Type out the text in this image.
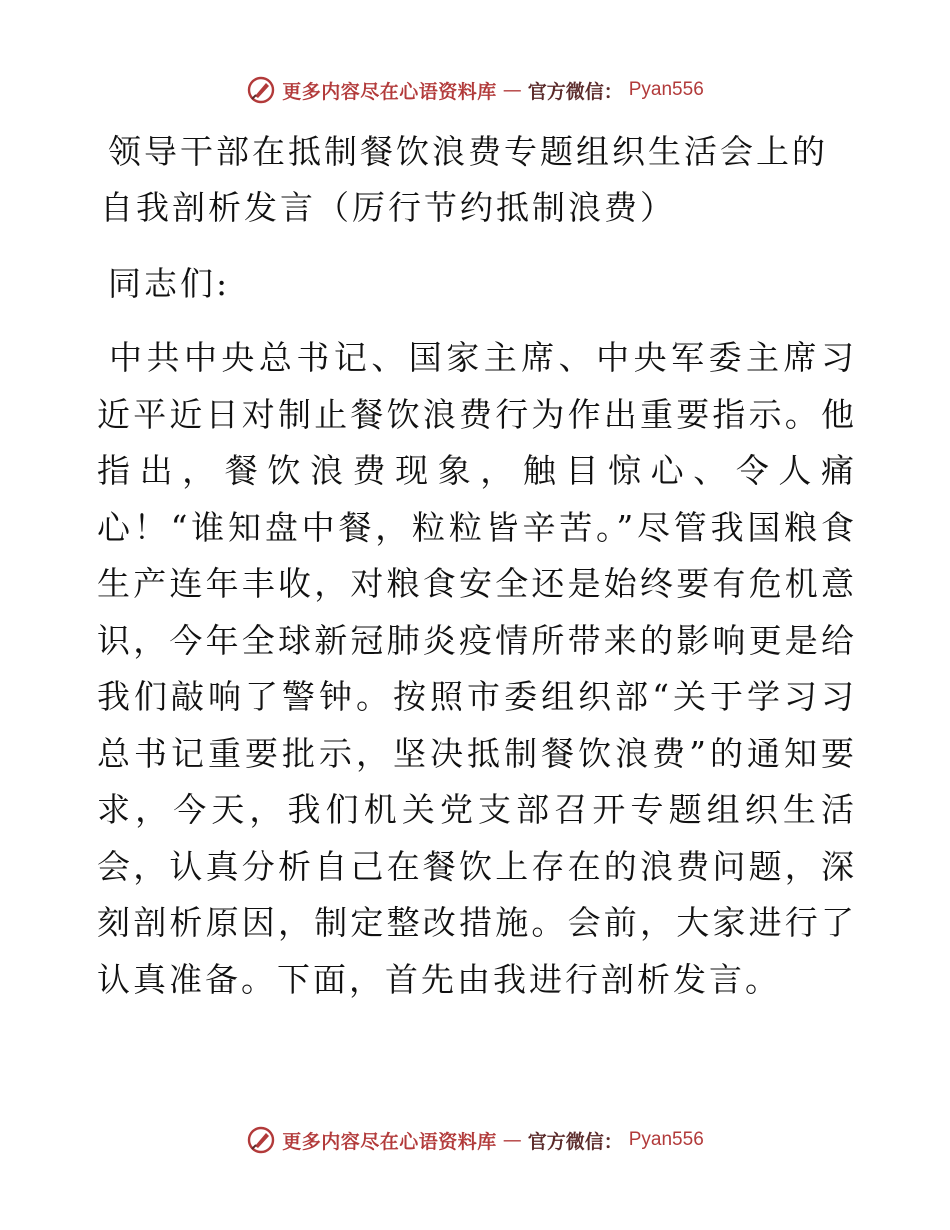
更多内容尽在心语资料库 — 官方微信： Pyan556
领导干部在抵制餐饮浪费专题组织生活会上的自我剖析发言（厉行节约抵制浪费）

同志们:

中共中央总书记、国家主席、中央军委主席习近平近日对制止餐饮浪费行为作出重要指示。他指出，餐饮浪费现象，触目惊心、令人痛心！“谁知盘中餐，粒粒皆辛苦。”尽管我国粮食生产连年丰收，对粮食安全还是始终要有危机意识，今年全球新冠肺炎疫情所带来的影响更是给我们敲响了警钟。按照市委组织部“关于学习习总书记重要批示，坚决抵制餐饮浪费”的通知要求，今天，我们机关党支部召开专题组织生活会，认真分析自己在餐饮上存在的浪费问题，深刻剖析原因，制定整改措施。会前，大家进行了认真准备。下面，首先由我进行剖析发言。

更多内容尽在心语资料库 — 官方微信： Pyan556
